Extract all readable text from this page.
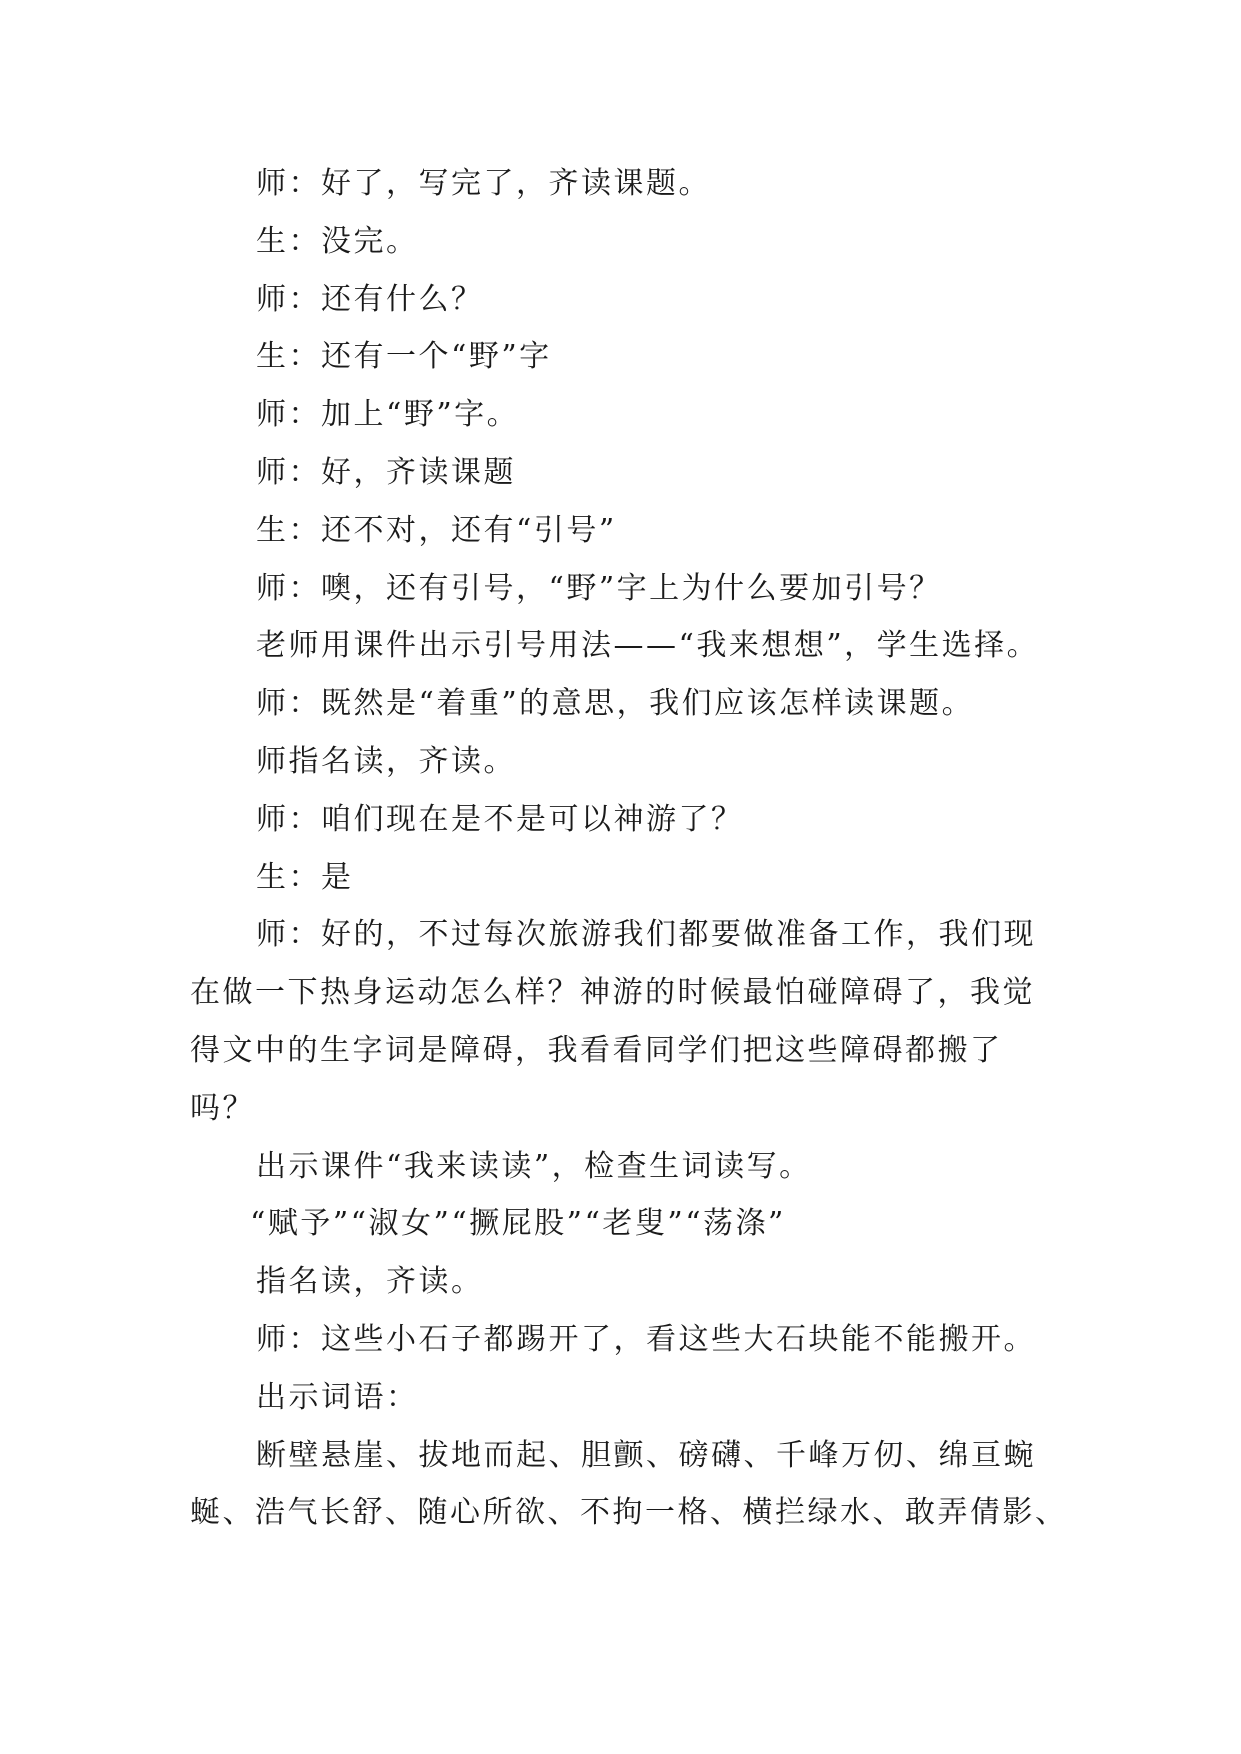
师：好了，写完了，齐读课题。

生：没完。

师：还有什么？

生：还有一个“野”字

师：加上“野”字。

师：好，齐读课题

生：还不对，还有“引号”

师：噢，还有引号，“野”字上为什么要加引号？

老师用课件出示引号用法——“我来想想”，学生选择。

师：既然是“着重”的意思，我们应该怎样读课题。

师指名读，齐读。

师：咱们现在是不是可以神游了？

生：是

师：好的，不过每次旅游我们都要做准备工作，我们现

在做一下热身运动怎么样？神游的时候最怕碰障碍了，我觉

得文中的生字词是障碍，我看看同学们把这些障碍都搬了

吗？

出示课件“我来读读”，检查生词读写。

“赋予”“淑女”“撅屁股”“老叟”“荡涤”

指名读，齐读。

师：这些小石子都踢开了，看这些大石块能不能搬开。

出示词语：

断壁悬崖、拔地而起、胆颤、磅礴、千峰万仞、绵亘蜿

蜒、浩气长舒、随心所欲、不拘一格、横拦绿水、敢弄倩影、
